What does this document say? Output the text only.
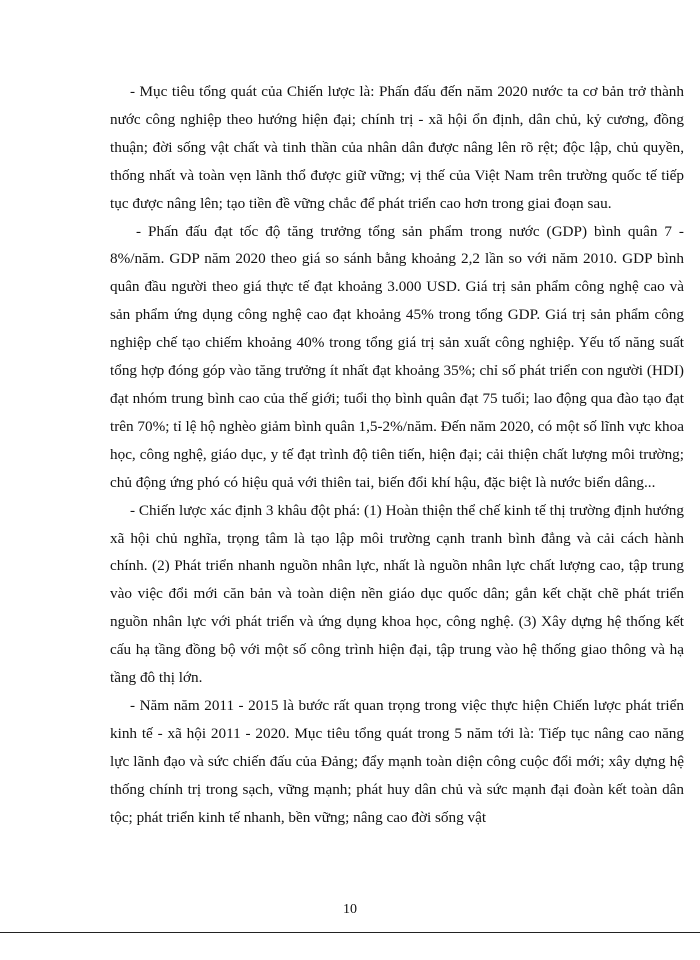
- Mục tiêu tổng quát của Chiến lược là: Phấn đấu đến năm 2020 nước ta cơ bản trở thành nước công nghiệp theo hướng hiện đại; chính trị - xã hội ổn định, dân chủ, kỷ cương, đồng thuận; đời sống vật chất và tinh thần của nhân dân được nâng lên rõ rệt; độc lập, chủ quyền, thống nhất và toàn vẹn lãnh thổ được giữ vững; vị thế của Việt Nam trên trường quốc tế tiếp tục được nâng lên; tạo tiền đề vững chắc để phát triển cao hơn trong giai đoạn sau.

- Phấn đấu đạt tốc độ tăng trưởng tổng sản phẩm trong nước (GDP) bình quân 7 - 8%/năm. GDP năm 2020 theo giá so sánh bằng khoảng 2,2 lần so với năm 2010. GDP bình quân đầu người theo giá thực tế đạt khoảng 3.000 USD. Giá trị sản phẩm công nghệ cao và sản phẩm ứng dụng công nghệ cao đạt khoảng 45% trong tổng GDP. Giá trị sản phẩm công nghiệp chế tạo chiếm khoảng 40% trong tổng giá trị sản xuất công nghiệp. Yếu tố năng suất tổng hợp đóng góp vào tăng trưởng ít nhất đạt khoảng 35%; chỉ số phát triển con người (HDI) đạt nhóm trung bình cao của thế giới; tuổi thọ bình quân đạt 75 tuổi; lao động qua đào tạo đạt trên 70%; tỉ lệ hộ nghèo giảm bình quân 1,5-2%/năm. Đến năm 2020, có một số lĩnh vực khoa học, công nghệ, giáo dục, y tế đạt trình độ tiên tiến, hiện đại; cải thiện chất lượng môi trường; chủ động ứng phó có hiệu quả với thiên tai, biến đổi khí hậu, đặc biệt là nước biển dâng...

- Chiến lược xác định 3 khâu đột phá: (1) Hoàn thiện thể chế kinh tế thị trường định hướng xã hội chủ nghĩa, trọng tâm là tạo lập môi trường cạnh tranh bình đẳng và cải cách hành chính. (2) Phát triển nhanh nguồn nhân lực, nhất là nguồn nhân lực chất lượng cao, tập trung vào việc đổi mới căn bản và toàn diện nền giáo dục quốc dân; gắn kết chặt chẽ phát triển nguồn nhân lực với phát triển và ứng dụng khoa học, công nghệ. (3) Xây dựng hệ thống kết cấu hạ tầng đồng bộ với một số công trình hiện đại, tập trung vào hệ thống giao thông và hạ tầng đô thị lớn.

- Năm năm 2011 - 2015 là bước rất quan trọng trong việc thực hiện Chiến lược phát triển kinh tế - xã hội 2011 - 2020. Mục tiêu tổng quát trong 5 năm tới là: Tiếp tục nâng cao năng lực lãnh đạo và sức chiến đấu của Đảng; đẩy mạnh toàn diện công cuộc đổi mới; xây dựng hệ thống chính trị trong sạch, vững mạnh; phát huy dân chủ và sức mạnh đại đoàn kết toàn dân tộc; phát triển kinh tế nhanh, bền vững; nâng cao đời sống vật

10
